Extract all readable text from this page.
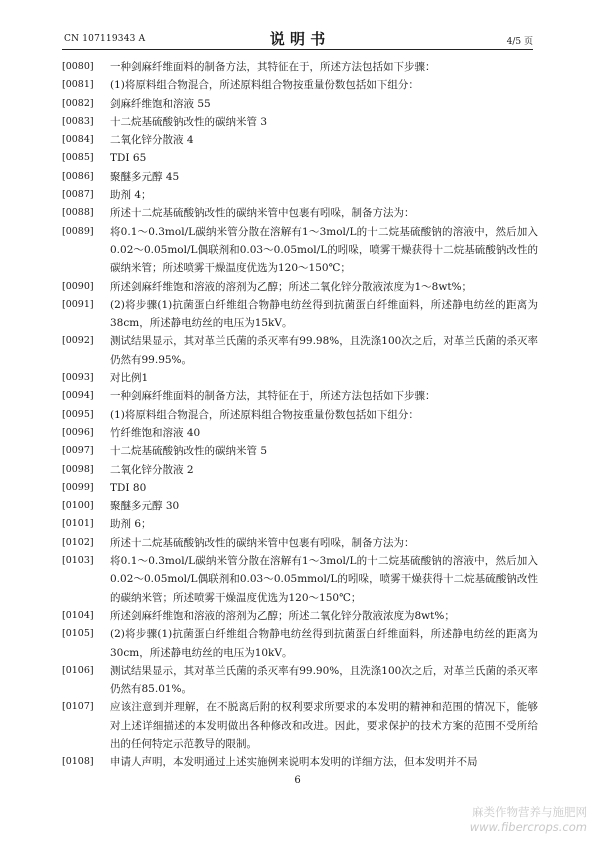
CN 107119343 A	说 明 书	4/5 页
[0080]	一种剑麻纤维面料的制备方法，其特征在于，所述方法包括如下步骤：
[0081]	(1)将原料组合物混合，所述原料组合物按重量份数包括如下组分：
[0082]	剑麻纤维饱和溶液 55
[0083]	十二烷基硫酸钠改性的碳纳米管 3
[0084]	二氧化锌分散液 4
[0085]	TDI 65
[0086]	聚醚多元醇 45
[0087]	助剂 4；
[0088]	所述十二烷基硫酸钠改性的碳纳米管中包裹有吲哚，制备方法为：
[0089]	将0.1～0.3mol/L碳纳米管分散在溶解有1～3mol/L的十二烷基硫酸钠的溶液中，然后加入0.02～0.05mol/L偶联剂和0.03～0.05mol/L的吲哚，喷雾干燥获得十二烷基硫酸钠改性的碳纳米管；所述喷雾干燥温度优选为120～150℃；
[0090]	所述剑麻纤维饱和溶液的溶剂为乙醇；所述二氧化锌分散液浓度为1～8wt%；
[0091]	(2)将步骤(1)抗菌蛋白纤维组合物静电纺丝得到抗菌蛋白纤维面料，所述静电纺丝的距离为38cm，所述静电纺丝的电压为15kV。
[0092]	测试结果显示，其对革兰氏菌的杀灭率有99.98%，且洗涤100次之后，对革兰氏菌的杀灭率仍然有99.95%。
[0093]	对比例1
[0094]	一种剑麻纤维面料的制备方法，其特征在于，所述方法包括如下步骤：
[0095]	(1)将原料组合物混合，所述原料组合物按重量份数包括如下组分：
[0096]	竹纤维饱和溶液 40
[0097]	十二烷基硫酸钠改性的碳纳米管 5
[0098]	二氧化锌分散液 2
[0099]	TDI 80
[0100]	聚醚多元醇 30
[0101]	助剂 6；
[0102]	所述十二烷基硫酸钠改性的碳纳米管中包裹有吲哚，制备方法为：
[0103]	将0.1～0.3mol/L碳纳米管分散在溶解有1～3mol/L的十二烷基硫酸钠的溶液中，然后加入0.02～0.05mol/L偶联剂和0.03～0.05mmol/L的吲哚，喷雾干燥获得十二烷基硫酸钠改性的碳纳米管；所述喷雾干燥温度优选为120～150℃；
[0104]	所述剑麻纤维饱和溶液的溶剂为乙醇；所述二氧化锌分散液浓度为8wt%；
[0105]	(2)将步骤(1)抗菌蛋白纤维组合物静电纺丝得到抗菌蛋白纤维面料，所述静电纺丝的距离为30cm，所述静电纺丝的电压为10kV。
[0106]	测试结果显示，其对革兰氏菌的杀灭率有99.90%，且洗涤100次之后，对革兰氏菌的杀灭率仍然有85.01%。
[0107]	应该注意到并理解，在不脱离后附的权利要求所要求的本发明的精神和范围的情况下，能够对上述详细描述的本发明做出各种修改和改进。因此，要求保护的技术方案的范围不受所给出的任何特定示范教导的限制。
[0108]	申请人声明，本发明通过上述实施例来说明本发明的详细方法，但本发明并不局
6
麻类作物营养与施肥网
www.fibercrops.com
